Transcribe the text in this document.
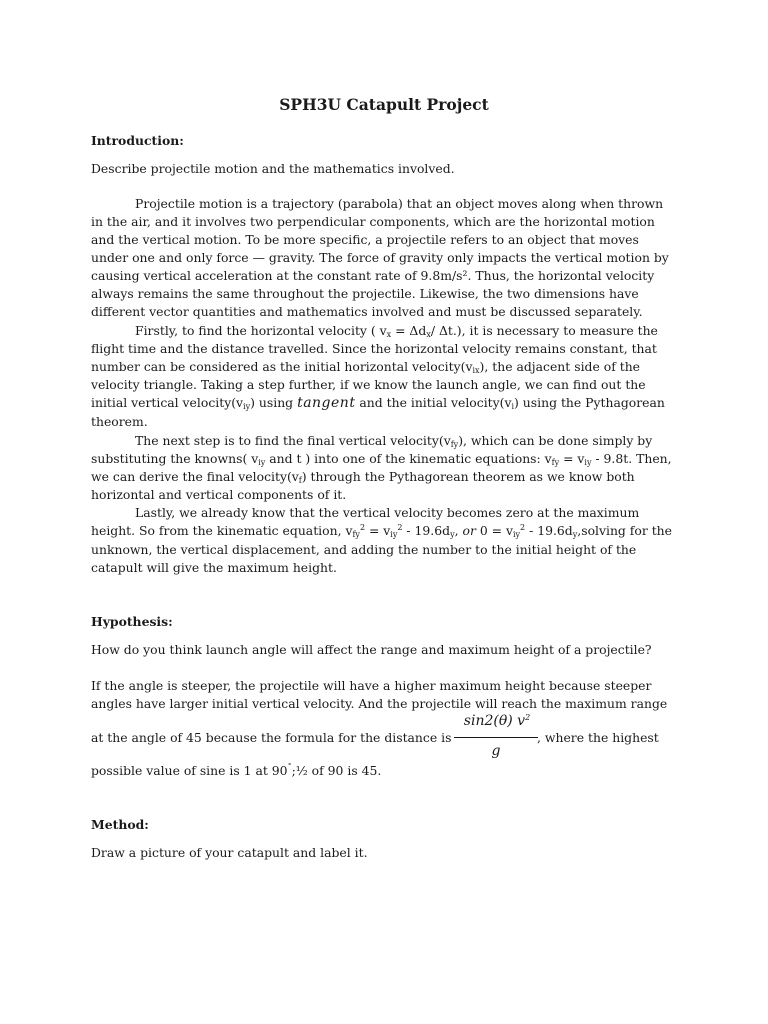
SPH3U Catapult Project

Introduction:

Describe projectile motion and the mathematics involved.

Projectile motion is a trajectory (parabola) that an object moves along when thrown

in the air, and it involves two perpendicular components, which are the horizontal motion

and the vertical motion. To be more specific, a projectile refers to an object that moves

under one and only force — gravity. The force of gravity only impacts the vertical motion by

causing vertical acceleration at the constant rate of 9.8m/s². Thus, the horizontal velocity

always remains the same throughout the projectile. Likewise, the two dimensions have

different vector quantities and mathematics involved and must be discussed separately.

Firstly, to find the horizontal velocity ( $v_x = \Delta d_x/$ Δt.), it is necessary to measure the

flight time and the distance travelled. Since the horizontal velocity remains constant, that

number can be considered as the initial horizontal $velocity(v_{ix})$, the adjacent side of the

velocity triangle. Taking a step further, if we know the launch angle, we can find out the

initial vertical $velocity(v_{iy})$ using tangent and the initial $velocity(v_i)$ using the Pythagorean

theorem.

The next step is to find the final vertical $velocity(v_{fy})$, which can be done simply by

substituting the knowns( $v_{iy}$ and t ) into one of the kinematic equations: $v_{fy} = v_{iy} - 9.8t$. Then,

we can derive the final $velocity(v_f)$ through the Pythagorean theorem as we know both

horizontal and vertical components of it.

Lastly, we already know that the vertical velocity becomes zero at the maximum

height. So from the kinematic equation, $v_{fy}^2 = v_{iy}^2 - 19.6d_y$, or $0 = v_{iy}^2$ - $19.6d_y,solving$ for the

unknown, the vertical displacement, and adding the number to the initial height of the

catapult will give the maximum height.

Hypothesis:

How do you think launch angle will affect the range and maximum height of a projectile?

If the angle is steeper, the projectile will have a higher maximum height because steeper

angles have larger initial vertical velocity. And the projectile will reach the maximum range

at the angle of 45 because the formula for the distance is

sin2(θ) $v^2$
g

, where the highest

possible value of sine is 1 at 90˚;½ of 90 is 45.

Method:

Draw a picture of your catapult and label it.
